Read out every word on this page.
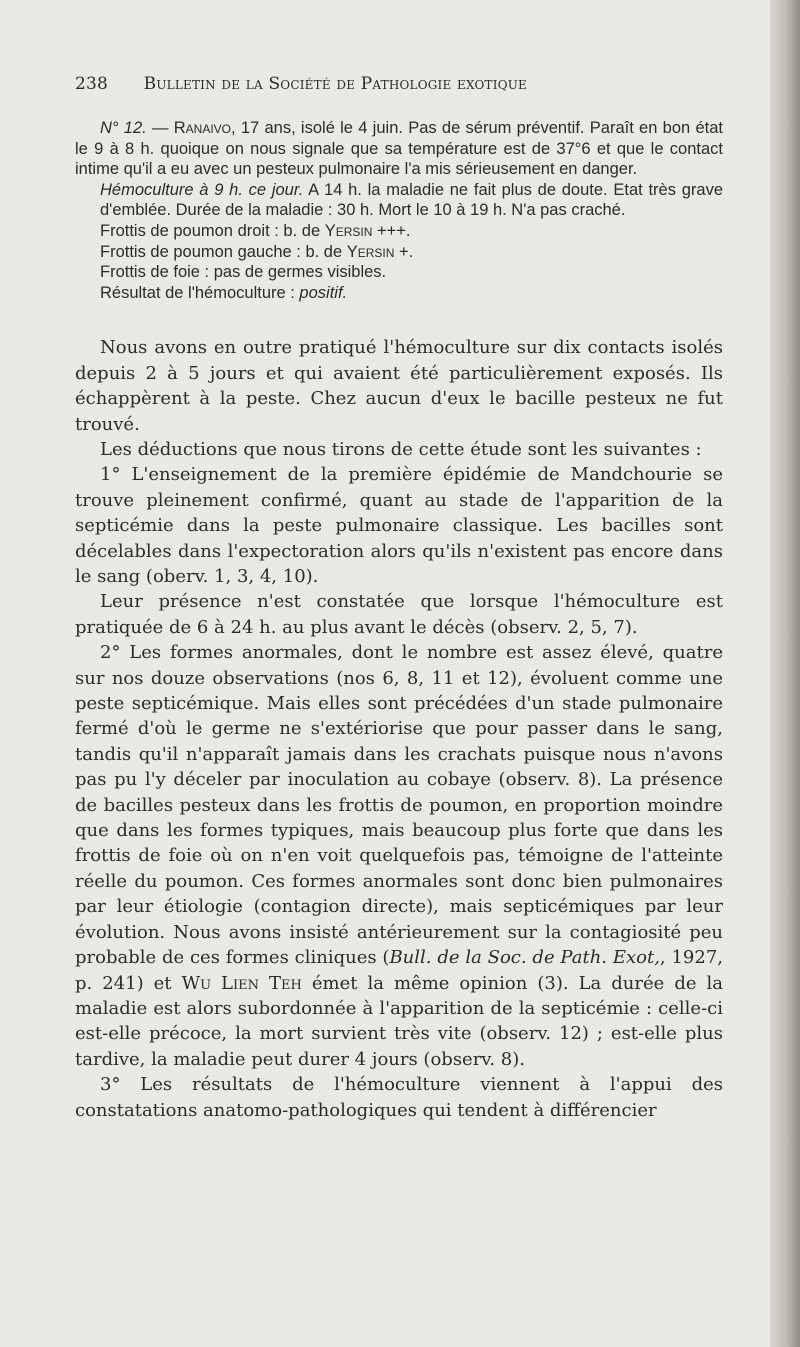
238 Bulletin de la Société de Pathologie exotique

N° 12. — Ranaivo, 17 ans, isolé le 4 juin. Pas de sérum préventif. Paraît en bon état le 9 à 8 h. quoique on nous signale que sa température est de 37°6 et que le contact intime qu'il a eu avec un pesteux pulmonaire l'a mis sérieusement en danger.

Hémoculture à 9 h. ce jour. A 14 h. la maladie ne fait plus de doute. Etat très grave d'emblée. Durée de la maladie : 30 h. Mort le 10 à 19 h. N'a pas craché.

Frottis de poumon droit : b. de Yersin +++.

Frottis de poumon gauche : b. de Yersin +.

Frottis de foie : pas de germes visibles.

Résultat de l'hémoculture : positif.

Nous avons en outre pratiqué l'hémoculture sur dix contacts isolés depuis 2 à 5 jours et qui avaient été particulièrement exposés. Ils échappèrent à la peste. Chez aucun d'eux le bacille pesteux ne fut trouvé.

Les déductions que nous tirons de cette étude sont les suivantes :

1° L'enseignement de la première épidémie de Mandchourie se trouve pleinement confirmé, quant au stade de l'apparition de la septicémie dans la peste pulmonaire classique. Les bacilles sont décelables dans l'expectoration alors qu'ils n'existent pas encore dans le sang (oberv. 1, 3, 4, 10).

Leur présence n'est constatée que lorsque l'hémoculture est pratiquée de 6 à 24 h. au plus avant le décès (observ. 2, 5, 7).

2° Les formes anormales, dont le nombre est assez élevé, quatre sur nos douze observations (nos 6, 8, 11 et 12), évoluent comme une peste septicémique. Mais elles sont précédées d'un stade pulmonaire fermé d'où le germe ne s'extériorise que pour passer dans le sang, tandis qu'il n'apparaît jamais dans les crachats puisque nous n'avons pas pu l'y déceler par inoculation au cobaye (observ. 8). La présence de bacilles pesteux dans les frottis de poumon, en proportion moindre que dans les formes typiques, mais beaucoup plus forte que dans les frottis de foie où on n'en voit quelquefois pas, témoigne de l'atteinte réelle du poumon. Ces formes anormales sont donc bien pulmonaires par leur étiologie (contagion directe), mais septicémiques par leur évolution. Nous avons insisté antérieurement sur la contagiosité peu probable de ces formes cliniques (Bull. de la Soc. de Path. Exot,, 1927, p. 241) et Wu Lien Teh émet la même opinion (3). La durée de la maladie est alors subordonnée à l'apparition de la septicémie : celle-ci est-elle précoce, la mort survient très vite (observ. 12) ; est-elle plus tardive, la maladie peut durer 4 jours (observ. 8).

3° Les résultats de l'hémoculture viennent à l'appui des constatations anatomo-pathologiques qui tendent à différencier
